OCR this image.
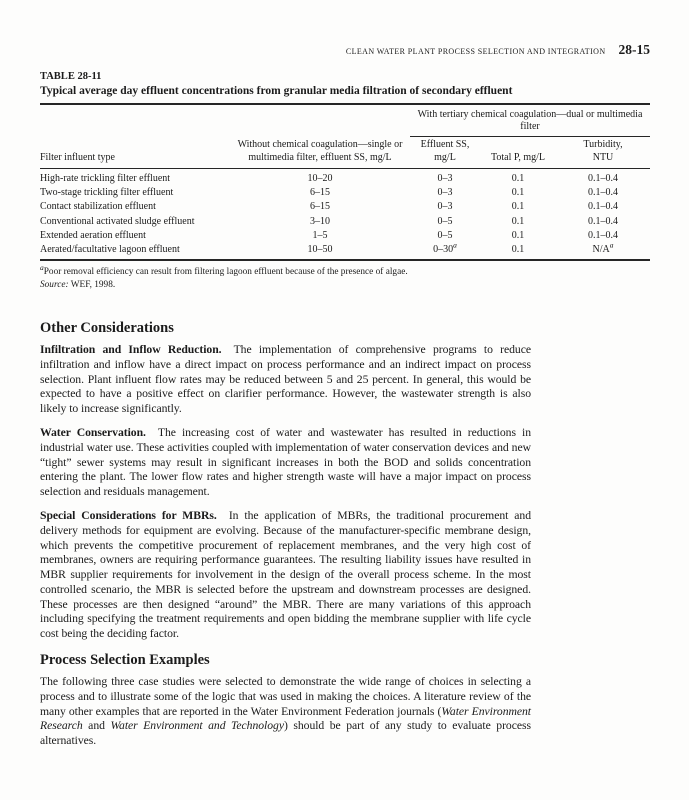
CLEAN WATER PLANT PROCESS SELECTION AND INTEGRATION 28-15
TABLE 28-11
Typical average day effluent concentrations from granular media filtration of secondary effluent
		With tertiary chemical coagulation—dual or multimedia filter		
Filter influent type	Without chemical coagulation—single or multimedia filter, effluent SS, mg/L	Effluent SS, mg/L	Total P, mg/L	Turbidity, NTU
High-rate trickling filter effluent	10–20	0–3	0.1	0.1–0.4
Two-stage trickling filter effluent	6–15	0–3	0.1	0.1–0.4
Contact stabilization effluent	6–15	0–3	0.1	0.1–0.4
Conventional activated sludge effluent	3–10	0–5	0.1	0.1–0.4
Extended aeration effluent	1–5	0–5	0.1	0.1–0.4
Aerated/facultative lagoon effluent	10–50	0–30$^a$	0.1	N/A$^a$
$^a$Poor removal efficiency can result from filtering lagoon effluent because of the presence of algae.
Source: WEF, 1998.
Other Considerations

Infiltration and Inflow Reduction. The implementation of comprehensive programs to reduce infiltration and inflow have a direct impact on process performance and an indirect impact on process selection. Plant influent flow rates may be reduced between 5 and 25 percent. In general, this would be expected to have a positive effect on clarifier performance. However, the wastewater strength is also likely to increase significantly.

Water Conservation. The increasing cost of water and wastewater has resulted in reductions in industrial water use. These activities coupled with implementation of water conservation devices and new “tight” sewer systems may result in significant increases in both the BOD and solids concentration entering the plant. The lower flow rates and higher strength waste will have a major impact on process selection and residuals management.

Special Considerations for MBRs. In the application of MBRs, the traditional procurement and delivery methods for equipment are evolving. Because of the manufacturer-specific membrane design, which prevents the competitive procurement of replacement membranes, and the very high cost of membranes, owners are requiring performance guarantees. The resulting liability issues have resulted in MBR supplier requirements for involvement in the design of the overall process scheme. In the most controlled scenario, the MBR is selected before the upstream and downstream processes are designed. These processes are then designed “around” the MBR. There are many variations of this approach including specifying the treatment requirements and open bidding the membrane supplier with life cycle cost being the deciding factor.

Process Selection Examples

The following three case studies were selected to demonstrate the wide range of choices in selecting a process and to illustrate some of the logic that was used in making the choices. A literature review of the many other examples that are reported in the Water Environment Federation journals (Water Environment Research and Water Environment and Technology) should be part of any study to evaluate process alternatives.
